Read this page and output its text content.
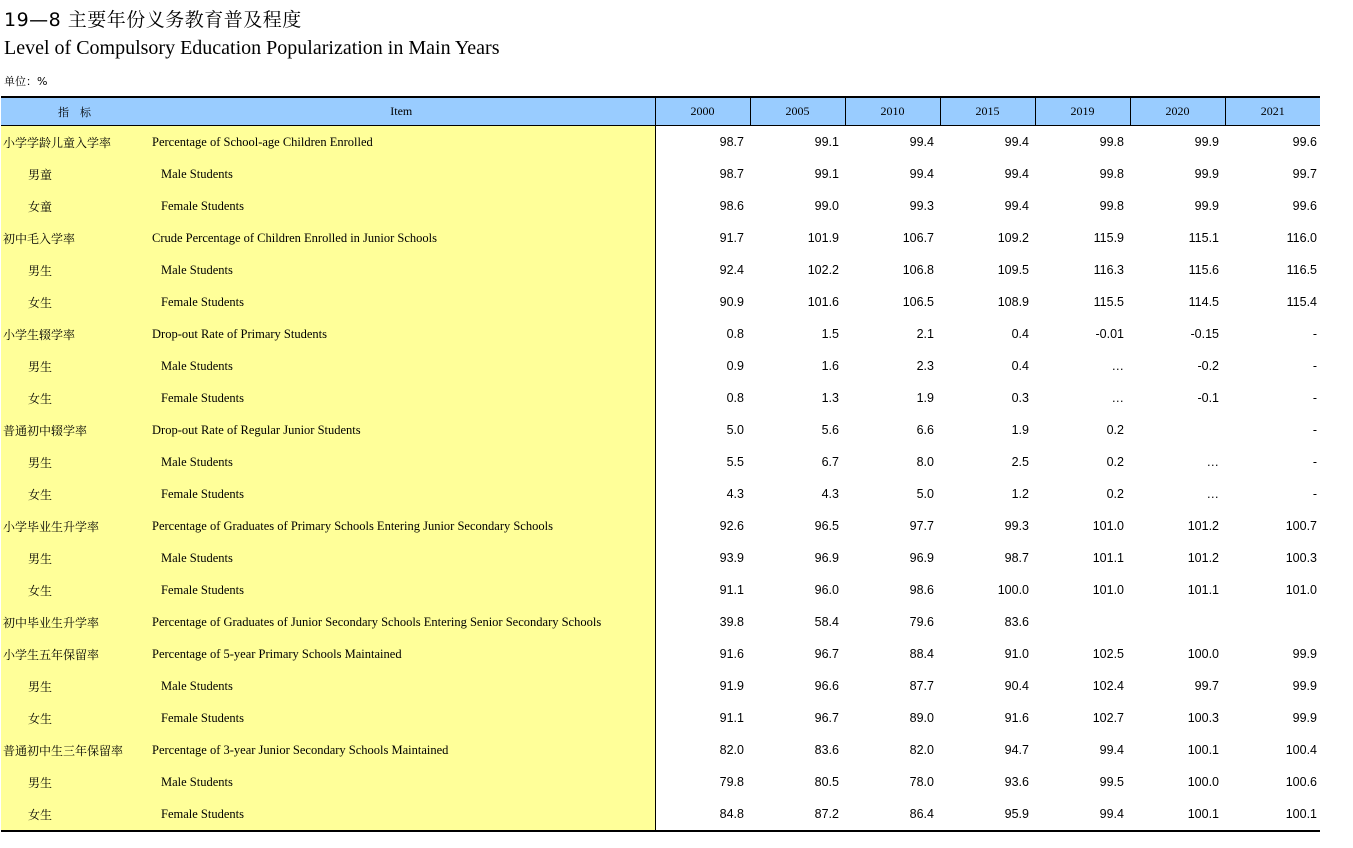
19—8 主要年份义务教育普及程度
Level of Compulsory Education Popularization in Main Years
单位：%
指　标	Item	2000	2005	2010	2015	2019	2020	2021
小学学龄儿童入学率	Percentage of School-age Children Enrolled	98.7	99.1	99.4	99.4	99.8	99.9	99.6
男童	Male Students	98.7	99.1	99.4	99.4	99.8	99.9	99.7
女童	Female Students	98.6	99.0	99.3	99.4	99.8	99.9	99.6
初中毛入学率	Crude Percentage of Children Enrolled in Junior Schools	91.7	101.9	106.7	109.2	115.9	115.1	116.0
男生	Male Students	92.4	102.2	106.8	109.5	116.3	115.6	116.5
女生	Female Students	90.9	101.6	106.5	108.9	115.5	114.5	115.4
小学生辍学率	Drop-out Rate of Primary Students	0.8	1.5	2.1	0.4	-0.01	-0.15	-
男生	Male Students	0.9	1.6	2.3	0.4	…	-0.2	-
女生	Female Students	0.8	1.3	1.9	0.3	…	-0.1	-
普通初中辍学率	Drop-out Rate of Regular Junior Students	5.0	5.6	6.6	1.9	0.2		-
男生	Male Students	5.5	6.7	8.0	2.5	0.2	…	-
女生	Female Students	4.3	4.3	5.0	1.2	0.2	…	-
小学毕业生升学率	Percentage of Graduates of Primary Schools Entering Junior Secondary Schools	92.6	96.5	97.7	99.3	101.0	101.2	100.7
男生	Male Students	93.9	96.9	96.9	98.7	101.1	101.2	100.3
女生	Female Students	91.1	96.0	98.6	100.0	101.0	101.1	101.0
初中毕业生升学率	Percentage of Graduates of Junior Secondary Schools Entering Senior Secondary Schools	39.8	58.4	79.6	83.6			
小学生五年保留率	Percentage of 5-year Primary Schools Maintained	91.6	96.7	88.4	91.0	102.5	100.0	99.9
男生	Male Students	91.9	96.6	87.7	90.4	102.4	99.7	99.9
女生	Female Students	91.1	96.7	89.0	91.6	102.7	100.3	99.9
普通初中生三年保留率	Percentage of 3-year Junior Secondary Schools Maintained	82.0	83.6	82.0	94.7	99.4	100.1	100.4
男生	Male Students	79.8	80.5	78.0	93.6	99.5	100.0	100.6
女生	Female Students	84.8	87.2	86.4	95.9	99.4	100.1	100.1
